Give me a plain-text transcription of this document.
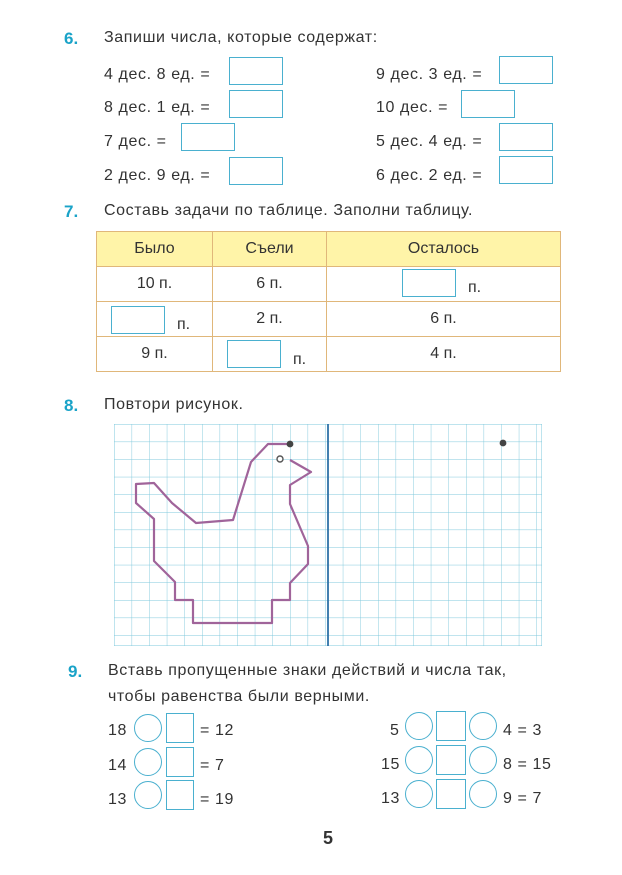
6. Запиши числа, которые содержат:
4 дес. 8 ед. =
8 дес. 1 ед. =
7 дес. =
2 дес. 9 ед. =
9 дес. 3 ед. =
10 дес. =
5 дес. 4 ед. =
6 дес. 2 ед. =
7. Составь задачи по таблице. Заполни таблицу.
Было	Съели	Осталось

10 п.	6 п.	п.

п.	2 п.	6 п.

9 п.	п.	4 п.
8. Повтори рисунок.
9. Вставь пропущенные знаки действий и числа так,
чтобы равенства были верными.
18	= 12
14	= 7
13	= 19
5	4 = 3
15	8 = 15
13	9 = 7
5
